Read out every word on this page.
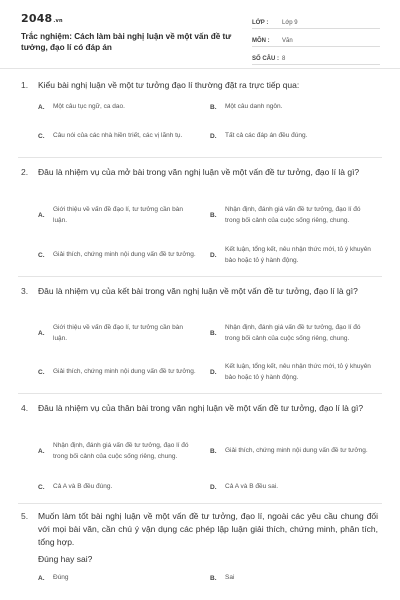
2048.vn
Trắc nghiệm: Cách làm bài nghị luận về một vấn đề tư tưởng, đạo lí có đáp án
LỚP :	Lớp 9
MÔN :	Văn
SỐ CÂU : 8
1. Kiểu bài nghị luận về một tư tưởng đạo lí thường đặt ra trực tiếp qua:
A.	Một câu tục ngữ, ca dao.	B.	Một câu danh ngôn.
C.	Câu nói của các nhà hiền triết, các vị lãnh tụ.	D.	Tất cả các đáp án đều đúng.
2. Đâu là nhiệm vụ của mở bài trong văn nghị luận về một vấn đề tư tưởng, đạo lí là gì?
A.
Giới thiệu về vấn đề đạo lí, tư tưởng cần bàn luận.
B.
Nhận định, đánh giá vấn đề tư tưởng, đạo lí đó trong bối cảnh của cuộc sống riêng, chung.
C.	Giải thích, chứng minh nội dung vấn đề tư tưởng.	D.
Kết luận, tổng kết, nêu nhận thức mới, tỏ ý khuyên bảo hoặc tỏ ý hành động.
3. Đâu là nhiệm vụ của kết bài trong văn nghị luận về một vấn đề tư tưởng, đạo lí là gì?
A.
Giới thiệu về vấn đề đạo lí, tư tưởng cần bàn luận.
B.
Nhận định, đánh giá vấn đề tư tưởng, đạo lí đó trong bối cảnh của cuộc sống riêng, chung.
C.	Giải thích, chứng minh nội dung vấn đề tư tưởng.	D.
Kết luận, tổng kết, nêu nhận thức mới, tỏ ý khuyên bảo hoặc tỏ ý hành động.
4. Đâu là nhiệm vụ của thân bài trong văn nghị luận về một vấn đề tư tưởng, đạo lí là gì?
A.
Nhận định, đánh giá vấn đề tư tưởng, đạo lí đó trong bối cảnh của cuộc sống riêng, chung.
B.	Giải thích, chứng minh nội dung vấn đề tư tưởng.
C.	Cả A và B đều đúng.	D.	Cả A và B đều sai.
5. Muốn làm tốt bài nghị luận về một vấn đề tư tưởng, đạo lí, ngoài các yêu cầu chung đối với mọi bài văn, cần chú ý vận dụng các phép lập luận giải thích, chứng minh, phân tích, tổng hợp.
Đúng hay sai?
A.	Đúng	B.	Sai
